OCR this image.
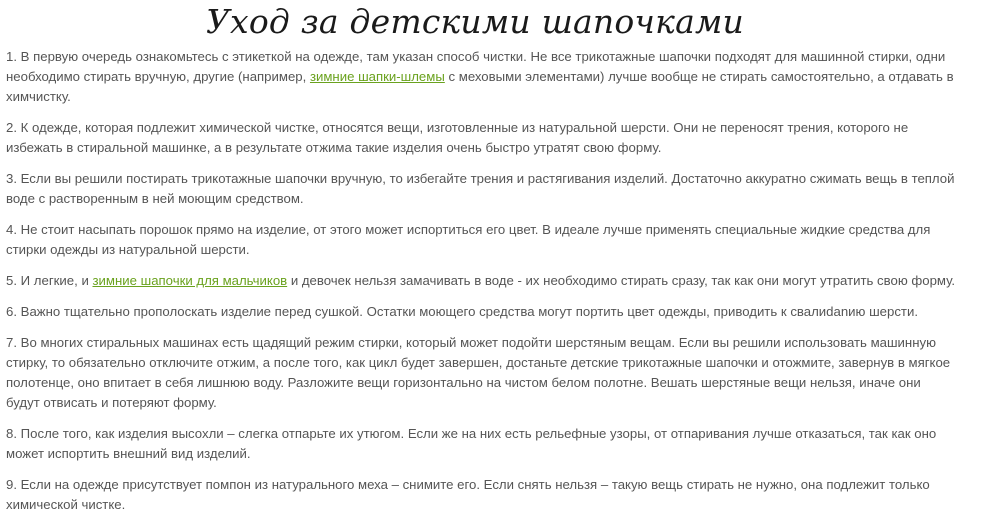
Уход за детскими шапочками

1. В первую очередь ознакомьтесь с этикеткой на одежде, там указан способ чистки. Не все трикотажные шапочки подходят для машинной стирки, одни необходимо стирать вручную, другие (например, зимние шапки-шлемы с меховыми элементами) лучше вообще не стирать самостоятельно, а отдавать в химчистку.

2. К одежде, которая подлежит химической чистке, относятся вещи, изготовленные из натуральной шерсти. Они не переносят трения, которого не избежать в стиральной машинке, а в результате отжима такие изделия очень быстро утратят свою форму.

3. Если вы решили постирать трикотажные шапочки вручную, то избегайте трения и растягивания изделий. Достаточно аккуратно сжимать вещь в теплой воде с растворенным в ней моющим средством.

4. Не стоит насыпать порошок прямо на изделие, от этого может испортиться его цвет. В идеале лучше применять специальные жидкие средства для стирки одежды из натуральной шерсти.

5. И легкие, и зимние шапочки для мальчиков и девочек нельзя замачивать в воде - их необходимо стирать сразу, так как они могут утратить свою форму.

6. Важно тщательно прополоскать изделие перед сушкой. Остатки моющего средства могут портить цвет одежды, приводить к свалиdanию шерсти.

7. Во многих стиральных машинах есть щадящий режим стирки, который может подойти шерстяным вещам. Если вы решили использовать машинную стирку, то обязательно отключите отжим, а после того, как цикл будет завершен, достаньте детские трикотажные шапочки и отожмите, завернув в мягкое полотенце, оно впитает в себя лишнюю воду. Разложите вещи горизонтально на чистом белом полотне. Вешать шерстяные вещи нельзя, иначе они будут отвисать и потеряют форму.

8. После того, как изделия высохли – слегка отпарьте их утюгом. Если же на них есть рельефные узоры, от отпаривания лучше отказаться, так как оно может испортить внешний вид изделий.

9. Если на одежде присутствует помпон из натурального меха – снимите его. Если снять нельзя – такую вещь стирать не нужно, она подлежит только химической чистке.
